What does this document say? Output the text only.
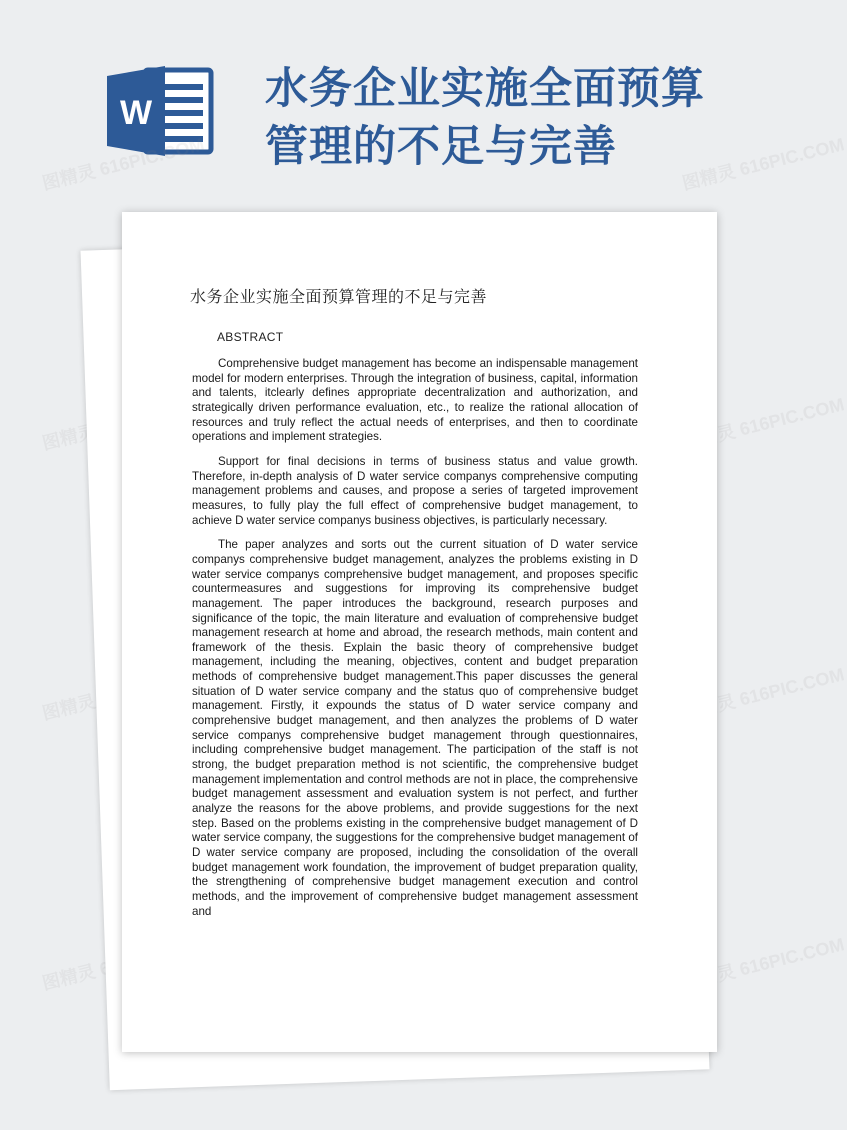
W	水务企业实施全面预算
管理的不足与完善
图精灵 616PIC.COM	图精灵 616PIC.COM
图精灵	图精灵 616PIC.COM
图精灵	图精灵 616PIC.COM
图精灵	图精灵 616PIC.COM
水务企业实施全面预算管理的不足与完善
ABSTRACT

Comprehensive budget management has become an indispensable management model for modern enterprises. Through the integration of business, capital, information and talents, itclearly defines appropriate decentralization and authorization, and strategically driven performance evaluation, etc., to realize the rational allocation of resources and truly reflect the actual needs of enterprises, and then to coordinate operations and implement strategies.

Support for final decisions in terms of business status and value growth. Therefore, in-depth analysis of D water service companys comprehensive computing management problems and causes, and propose a series of targeted improvement measures, to fully play the full effect of comprehensive budget management, to achieve D water service companys business objectives, is particularly necessary.

The paper analyzes and sorts out the current situation of D water service companys comprehensive budget management, analyzes the problems existing in D water service companys comprehensive budget management, and proposes specific countermeasures and suggestions for improving its comprehensive budget management. The paper introduces the background, research purposes and significance of the topic, the main literature and evaluation of comprehensive budget management research at home and abroad, the research methods, main content and framework of the thesis. Explain the basic theory of comprehensive budget management, including the meaning, objectives, content and budget preparation methods of comprehensive budget management.This paper discusses the general situation of D water service company and the status quo of comprehensive budget management. Firstly, it expounds the status of D water service company and comprehensive budget management, and then analyzes the problems of D water service companys comprehensive budget management through questionnaires, including comprehensive budget management. The participation of the staff is not strong, the budget preparation method is not scientific, the comprehensive budget management implementation and control methods are not in place, the comprehensive budget management assessment and evaluation system is not perfect, and further analyze the reasons for the above problems, and provide suggestions for the next step. Based on the problems existing in the comprehensive budget management of D water service company, the suggestions for the comprehensive budget management of D water service company are proposed, including the consolidation of the overall budget management work foundation, the improvement of budget preparation quality, the strengthening of comprehensive budget management execution and control methods, and the improvement of comprehensive budget management assessment and
